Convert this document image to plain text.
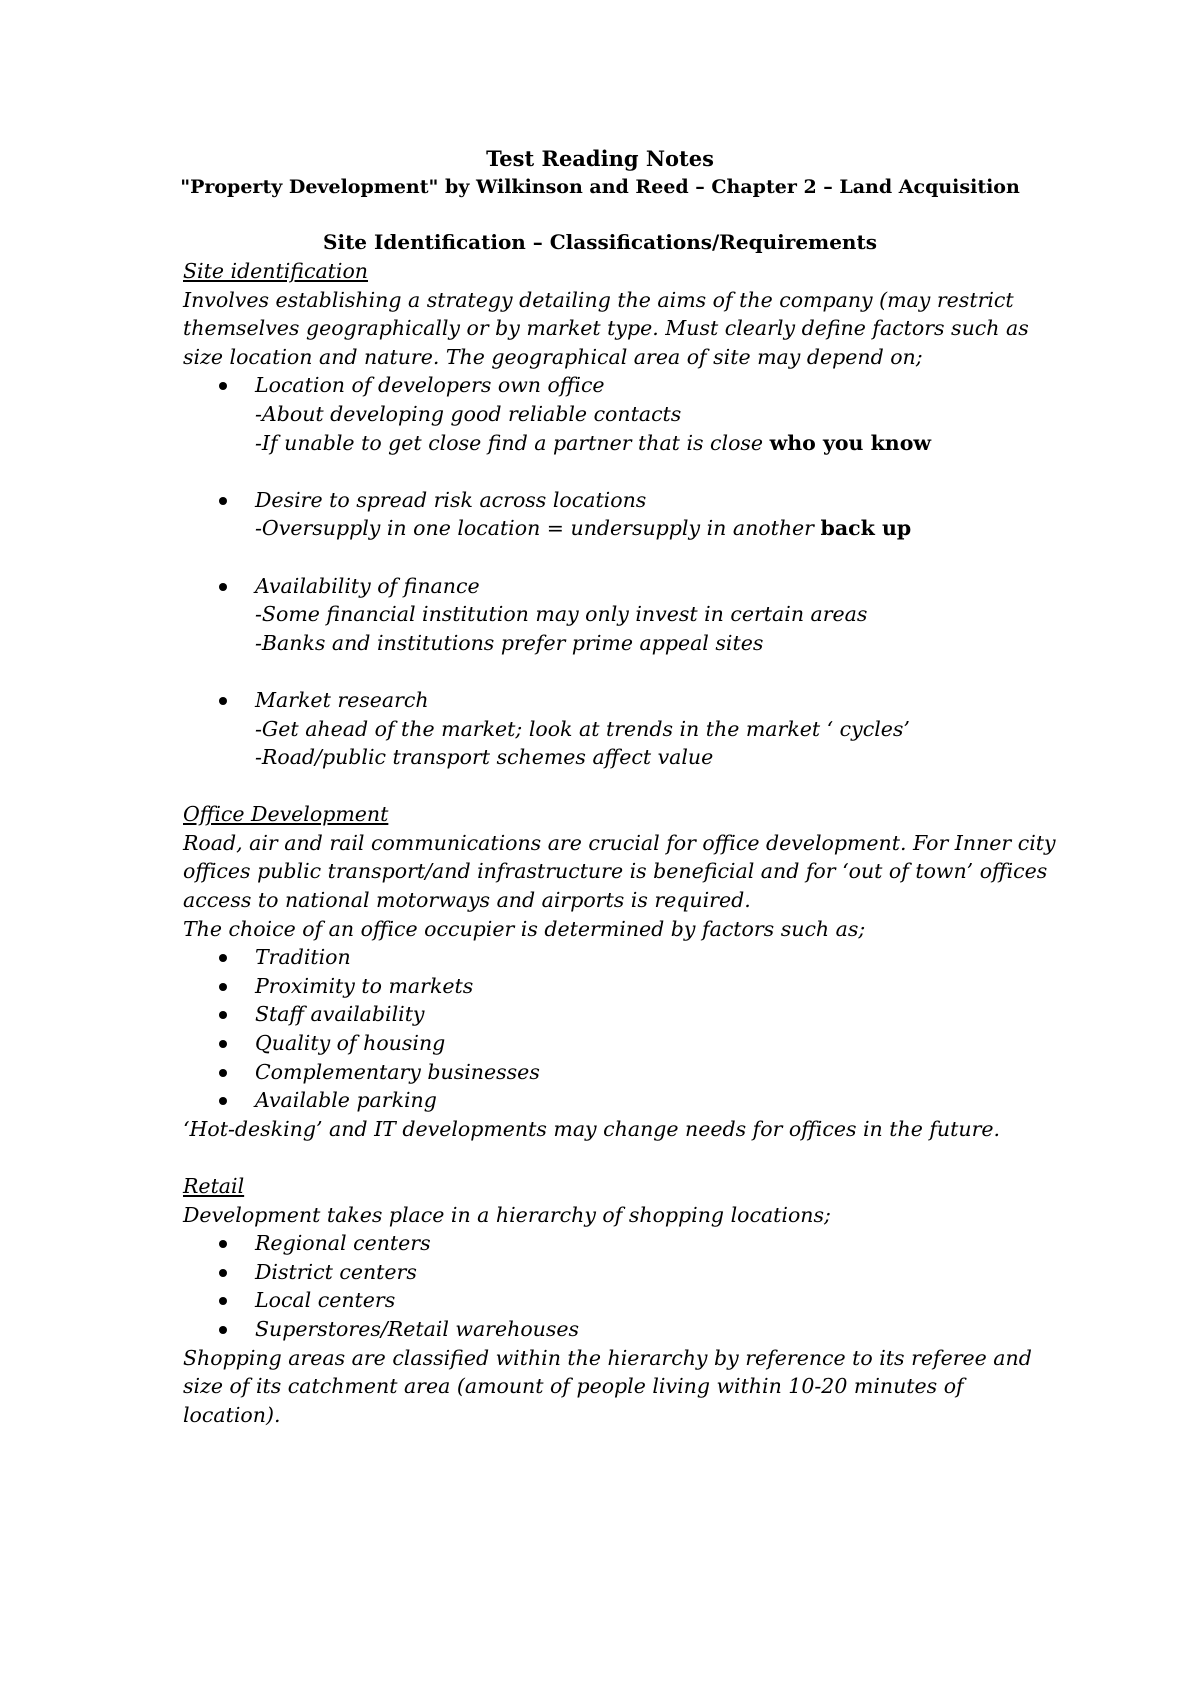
Test Reading Notes
"Property Development" by Wilkinson and Reed – Chapter 2 – Land Acquisition
Site Identification – Classifications/Requirements

Site identification

Involves establishing a strategy detailing the aims of the company (may restrict

themselves geographically or by market type. Must clearly define factors such as

size location and nature. The geographical area of site may depend on;

Location of developers own office
-About developing good reliable contacts
-If unable to get close find a partner that is close who you know
Desire to spread risk across locations
-Oversupply in one location = undersupply in another back up
Availability of finance
-Some financial institution may only invest in certain areas
-Banks and institutions prefer prime appeal sites
Market research
-Get ahead of the market; look at trends in the market ‘ cycles’
-Road/public transport schemes affect value

Office Development

Road, air and rail communications are crucial for office development. For Inner city

offices public transport/and infrastructure is beneficial and for ‘out of town’ offices

access to national motorways and airports is required.

The choice of an office occupier is determined by factors such as;

Tradition
Proximity to markets
Staff availability
Quality of housing
Complementary businesses
Available parking

‘Hot-desking’ and IT developments may change needs for offices in the future.

Retail

Development takes place in a hierarchy of shopping locations;

Regional centers
District centers
Local centers
Superstores/Retail warehouses

Shopping areas are classified within the hierarchy by reference to its referee and

size of its catchment area (amount of people living within 10-20 minutes of

location).
